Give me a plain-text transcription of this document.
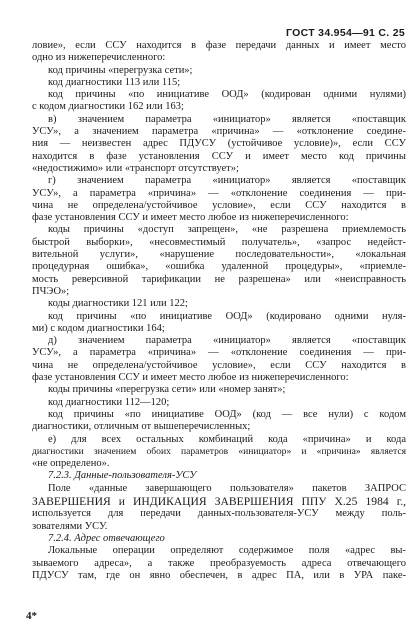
ГОСТ 34.954—91 С. 25
ловие», если ССУ находится в фазе передачи данных и имеет место
одно из нижеперечисленного:
код причины «перегрузка сети»;
код диагностики 113 или 115;
код причины «по инициативе ООД» (кодирован одними нулями)
с кодом диагностики 162 или 163;
в) значением параметра «инициатор» является «поставщик
УСУ», а значением параметра «причина» — «отклонение соедине-
ния — неизвестен адрес ПДУСУ (устойчивое условие)», если ССУ
находится в фазе установления ССУ и имеет место код причины
«недостижимо» или «транспорт отсутствует»;
г) значением параметра «инициатор» является «поставщик
УСУ», а параметра «причина» — «отклонение соединения — при-
чина не определена/устойчивое условие», если ССУ находится в
фазе установления ССУ и имеет место любое из нижеперечисленного:
коды причины «доступ запрещен», «не разрешена приемлемость
быстрой выборки», «несовместимый получатель», «запрос недейст-
вительной услуги», «нарушение последовательности», «локальная
процедурная ошибка», «ошибка удаленной процедуры», «приемле-
мость реверсивной тарификации не разрешена» или «неисправность
ПЧЭО»;
коды диагностики 121 или 122;
код причины «по инициативе ООД» (кодировано одними нуля-
ми) с кодом диагностики 164;
д) значением параметра «инициатор» является «поставщик
УСУ», а параметра «причина» — «отклонение соединения — при-
чина не определена/устойчивое условие», если ССУ находится в
фазе установления ССУ и имеет место любое из нижеперечисленного:
коды причины «перегрузка сети» или «номер занят»;
код диагностики 112—120;
код причины «по инициативе ООД» (код — все нули) с кодом
диагностики, отличным от вышеперечисленных;
е) для всех остальных комбинаций кода «причина» и кода
диагностики значением обоих параметров «инициатор» и «причина» является
«не определено».
7.2.3. Данные-пользователя-УСУ
Поле «данные завершающего пользователя» пакетов ЗАПРОС
ЗАВЕРШЕНИЯ и ИНДИКАЦИЯ ЗАВЕРШЕНИЯ ППУ Х.25 1984 г.,
используется для передачи данных-пользователя-УСУ между поль-
зователями УСУ.
7.2.4. Адрес отвечающего
Локальные операции определяют содержимое поля «адрес вы-
зываемого адреса», а также преобразуемость адреса отвечающего
ПДУСУ там, где он явно обеспечен, в адрес ПА, или в УРА паке-
4*
